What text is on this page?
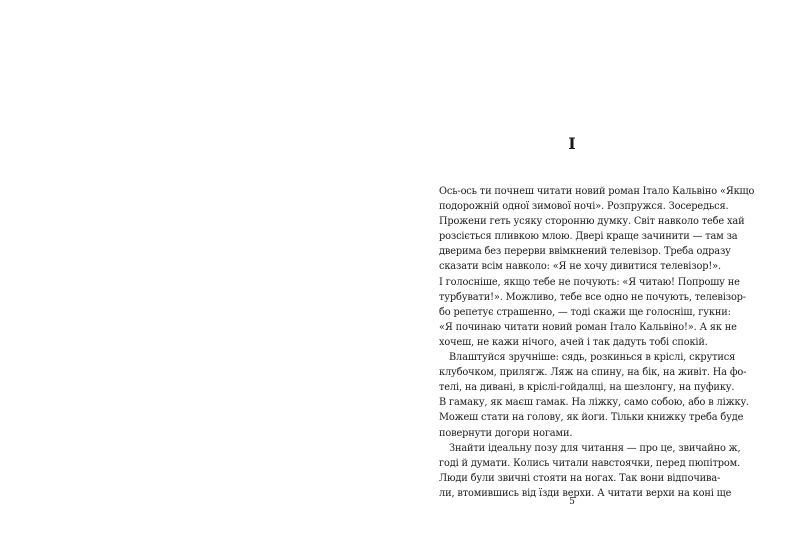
I
Ось-ось ти почнеш читати новий роман Італо Кальвіно «Якщо
подорожній одної зимової ночі». Розпружся. Зосередься.
Прожени геть усяку сторонню думку. Світ навколо тебе хай
розсіється пливкою млою. Двері краще зачинити — там за
дверима без перерви ввімкнений телевізор. Треба одразу
сказати всім навколо: «Я не хочу дивитися телевізор!».
І голосніше, якщо тебе не почують: «Я читаю! Попрошу не
турбувати!». Можливо, тебе все одно не почують, телевізор-
бо репетує страшенно, — тоді скажи ще голосніш, гукни:
«Я починаю читати новий роман Італо Кальвіно!». А як не
хочеш, не кажи нічого, ачей і так дадуть тобі спокій.
Влаштуйся зручніше: сядь, розкинься в кріслі, скрутися
клубочком, прилягж. Ляж на спину, на бік, на живіт. На фо-
телі, на дивані, в кріслі-гойдалці, на шезлонгу, на пуфику.
В гамаку, як маєш гамак. На ліжку, само собою, або в ліжку.
Можеш стати на голову, як йоги. Тільки книжку треба буде
повернути догори ногами.
Знайти ідеальну позу для читання — про це, звичайно ж,
годі й думати. Колись читали навстоячки, перед пюпітром.
Люди були звичні стояти на ногах. Так вони відпочива-
ли, втомившись від їзди верхи. А читати верхи на коні ще
5
